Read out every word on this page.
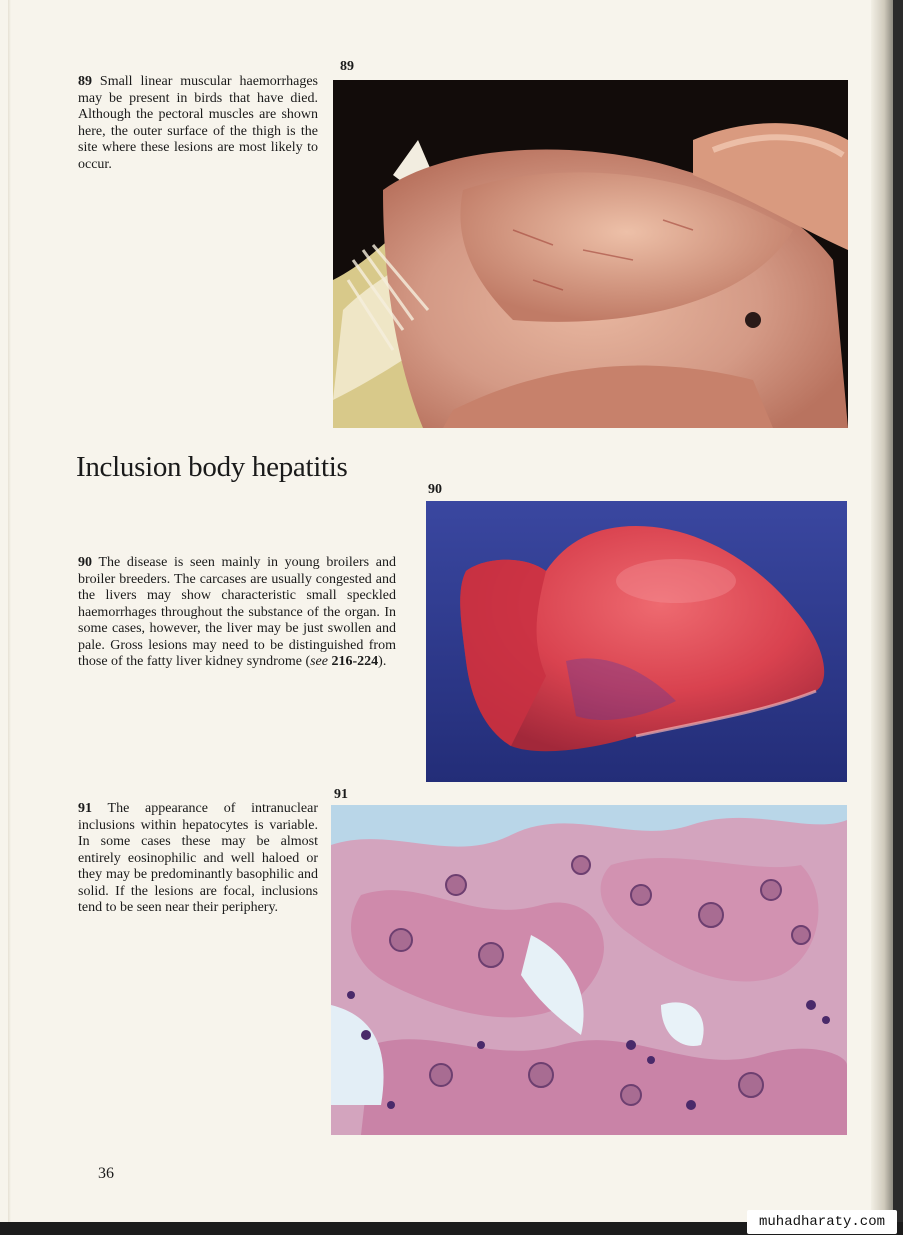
89
89 Small linear muscular haemorrhages may be present in birds that have died. Although the pectoral muscles are shown here, the outer surface of the thigh is the site where these lesions are most likely to occur.
Inclusion body hepatitis
90
90 The disease is seen mainly in young broilers and broiler breeders. The carcases are usually congested and the livers may show characteristic small speckled haemorrhages throughout the substance of the organ. In some cases, however, the liver may be just swollen and pale. Gross lesions may need to be distinguished from those of the fatty liver kidney syndrome (see 216-224).
91
91 The appearance of intranuclear inclusions within hepatocytes is variable. In some cases these may be almost entirely eosinophilic and well haloed or they may be predominantly basophilic and solid. If the lesions are focal, inclusions tend to be seen near their periphery.
36
muhadharaty.com
